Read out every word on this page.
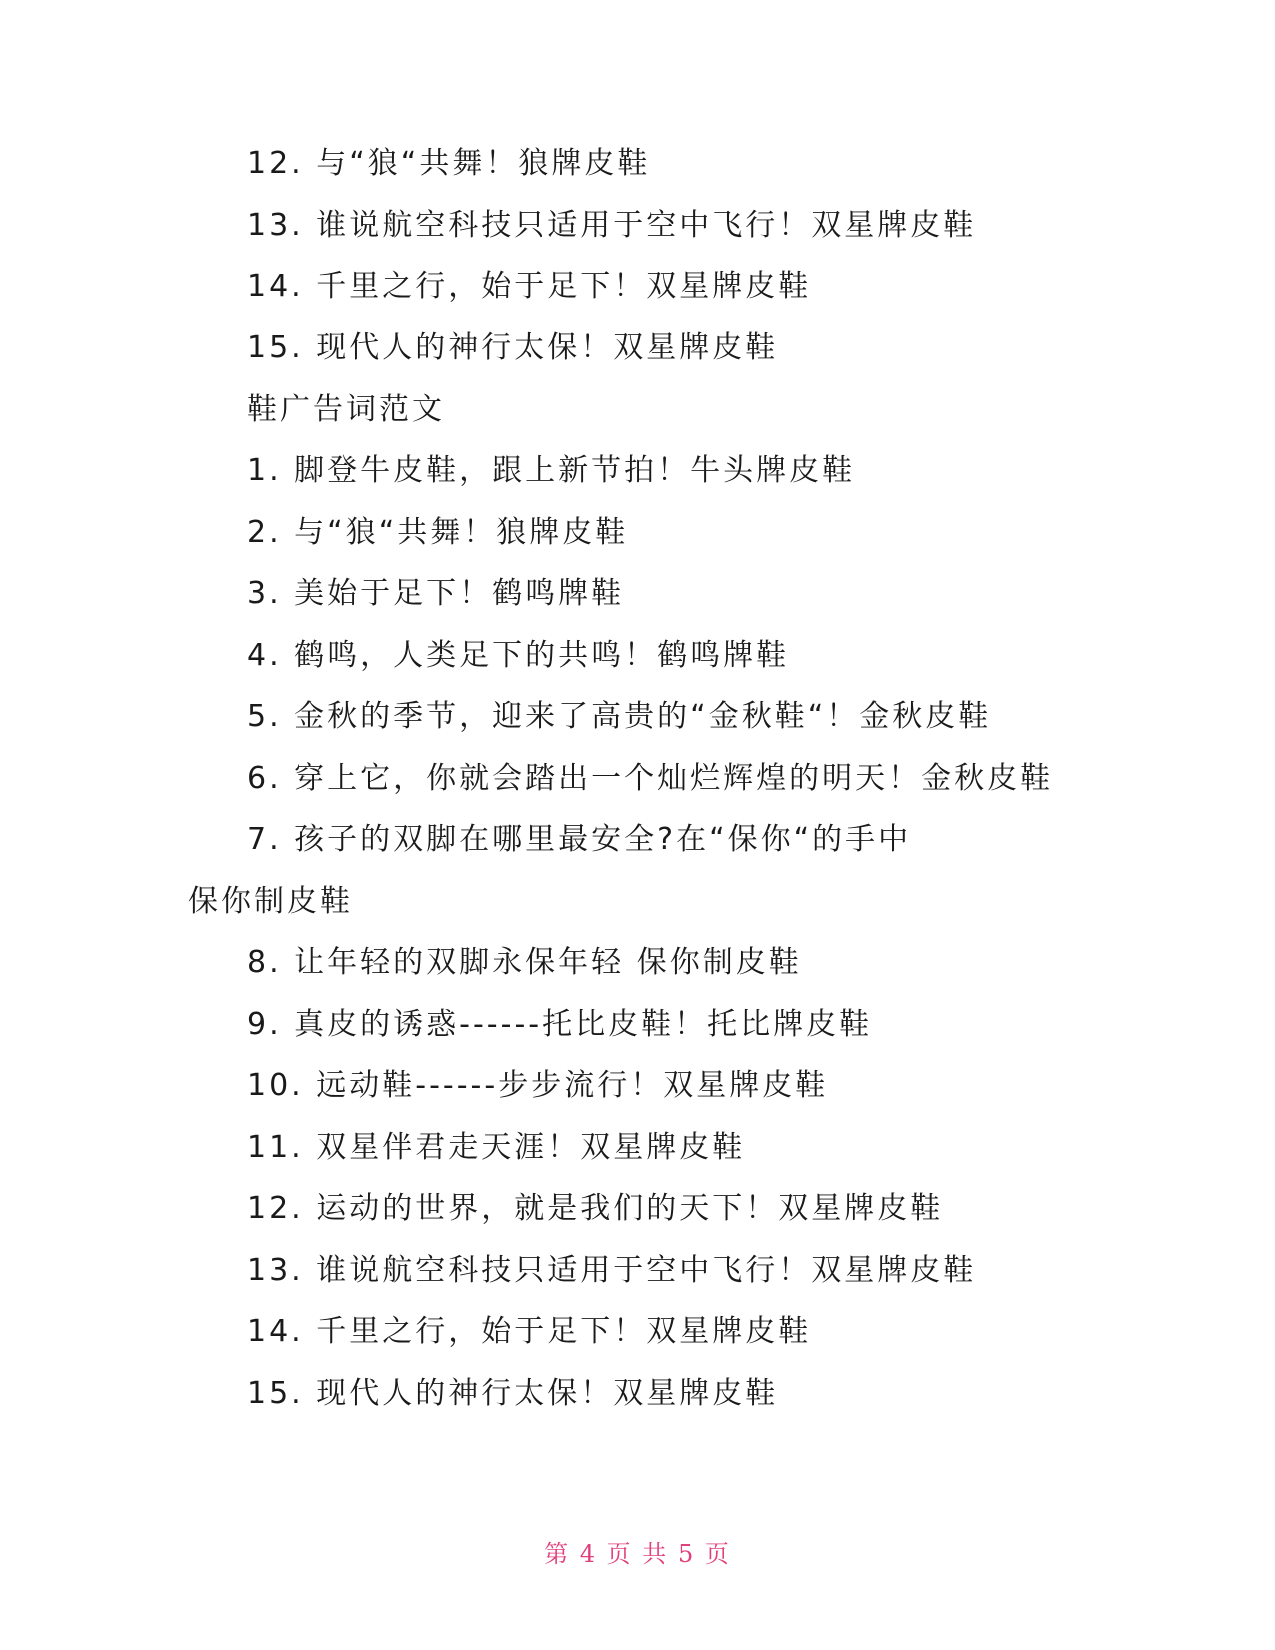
12. 与“狼“共舞！狼牌皮鞋

13. 谁说航空科技只适用于空中飞行！双星牌皮鞋

14. 千里之行，始于足下！双星牌皮鞋

15. 现代人的神行太保！双星牌皮鞋

鞋广告词范文

1. 脚登牛皮鞋，跟上新节拍！牛头牌皮鞋

2. 与“狼“共舞！狼牌皮鞋

3. 美始于足下！鹤鸣牌鞋

4. 鹤鸣，人类足下的共鸣！鹤鸣牌鞋

5. 金秋的季节，迎来了高贵的“金秋鞋“！金秋皮鞋

6. 穿上它，你就会踏出一个灿烂辉煌的明天！金秋皮鞋

7. 孩子的双脚在哪里最安全?在“保你“的手中

保你制皮鞋

8. 让年轻的双脚永保年轻 保你制皮鞋

9. 真皮的诱惑------托比皮鞋！托比牌皮鞋

10. 远动鞋------步步流行！双星牌皮鞋

11. 双星伴君走天涯！双星牌皮鞋

12. 运动的世界，就是我们的天下！双星牌皮鞋

13. 谁说航空科技只适用于空中飞行！双星牌皮鞋

14. 千里之行，始于足下！双星牌皮鞋

15. 现代人的神行太保！双星牌皮鞋

第 4 页 共 5 页
